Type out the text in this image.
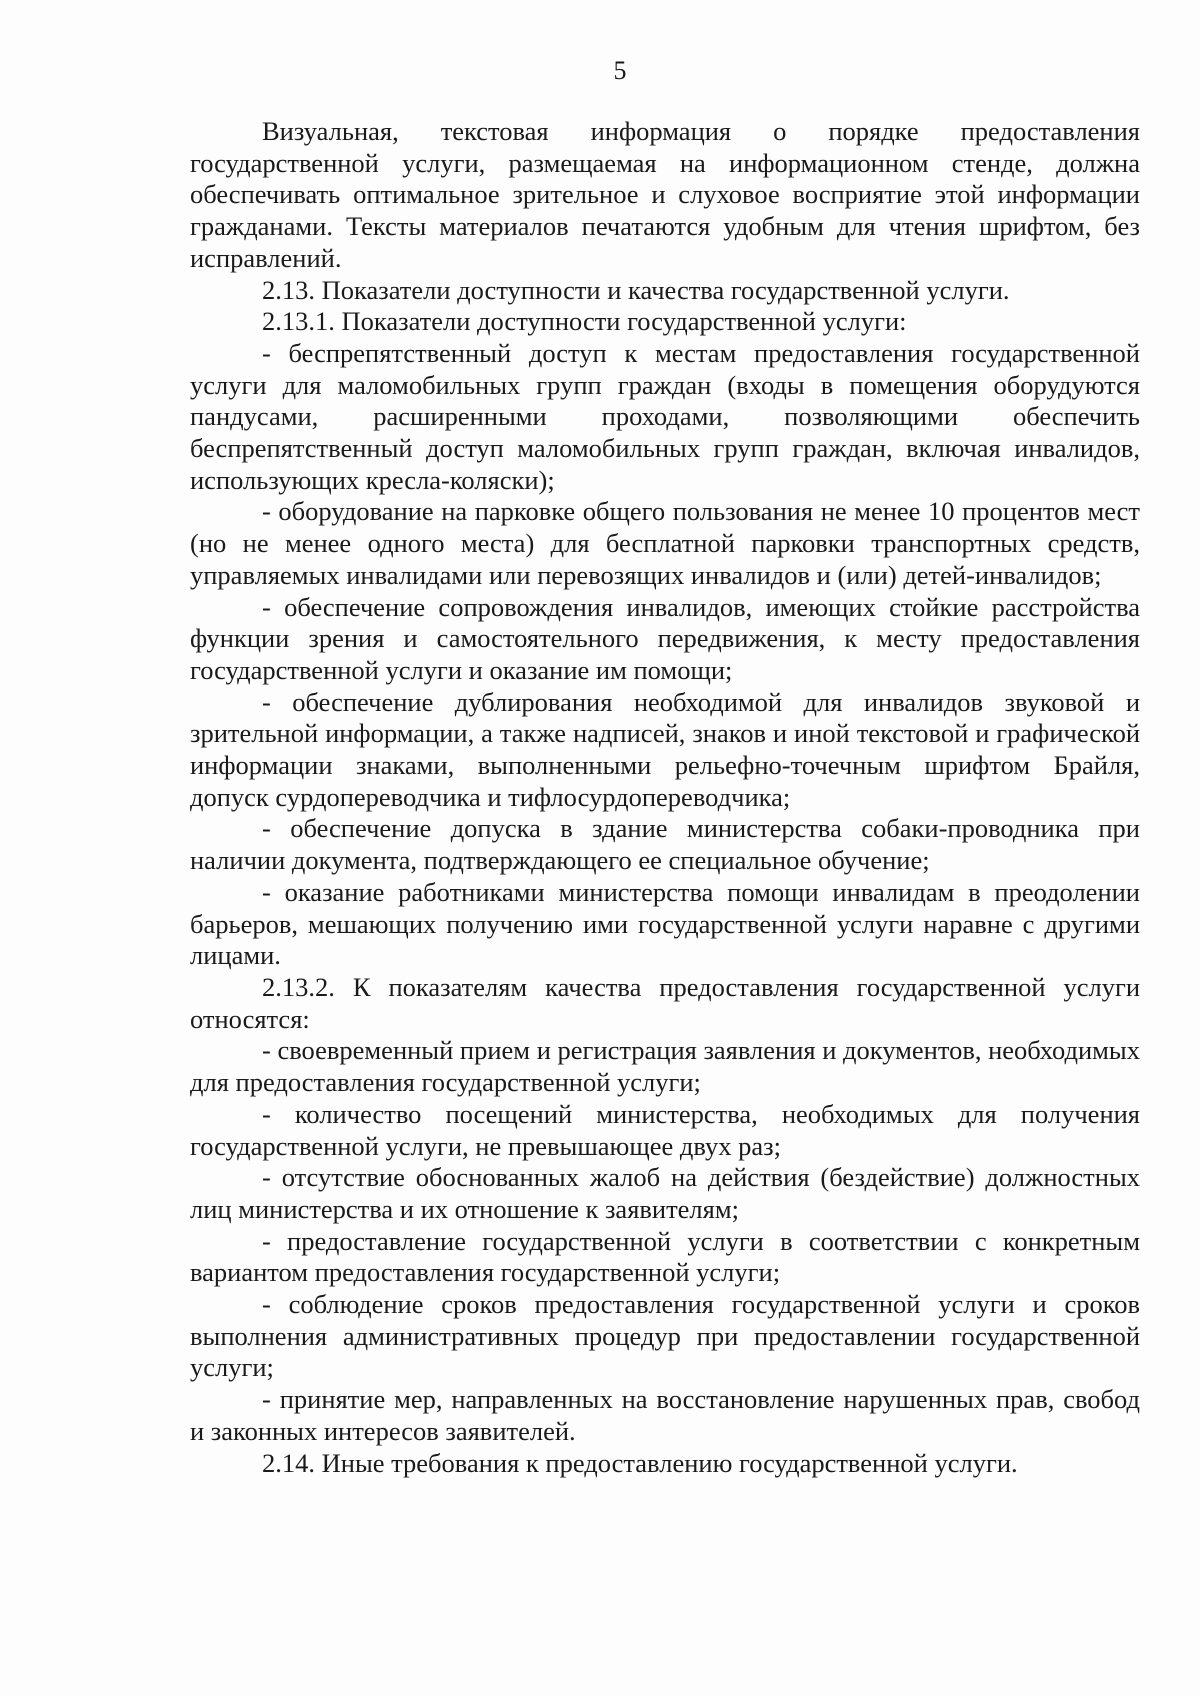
5

Визуальная, текстовая информация о порядке предоставления государственной услуги, размещаемая на информационном стенде, должна обеспечивать оптимальное зрительное и слуховое восприятие этой информации гражданами. Тексты материалов печатаются удобным для чтения шрифтом, без исправлений.

2.13. Показатели доступности и качества государственной услуги.

2.13.1. Показатели доступности государственной услуги:

- беспрепятственный доступ к местам предоставления государственной услуги для маломобильных групп граждан (входы в помещения оборудуются пандусами, расширенными проходами, позволяющими обеспечить беспрепятственный доступ маломобильных групп граждан, включая инвалидов, использующих кресла-коляски);

- оборудование на парковке общего пользования не менее 10 процентов мест (но не менее одного места) для бесплатной парковки транспортных средств, управляемых инвалидами или перевозящих инвалидов и (или) детей-инвалидов;

- обеспечение сопровождения инвалидов, имеющих стойкие расстройства функции зрения и самостоятельного передвижения, к месту предоставления государственной услуги и оказание им помощи;

- обеспечение дублирования необходимой для инвалидов звуковой и зрительной информации, а также надписей, знаков и иной текстовой и графической информации знаками, выполненными рельефно-точечным шрифтом Брайля, допуск сурдопереводчика и тифлосурдопереводчика;

- обеспечение допуска в здание министерства собаки-проводника при наличии документа, подтверждающего ее специальное обучение;

- оказание работниками министерства помощи инвалидам в преодолении барьеров, мешающих получению ими государственной услуги наравне с другими лицами.

2.13.2. К показателям качества предоставления государственной услуги относятся:

- своевременный прием и регистрация заявления и документов, необходимых для предоставления государственной услуги;

- количество посещений министерства, необходимых для получения государственной услуги, не превышающее двух раз;

- отсутствие обоснованных жалоб на действия (бездействие) должностных лиц министерства и их отношение к заявителям;

- предоставление государственной услуги в соответствии с конкретным вариантом предоставления государственной услуги;

- соблюдение сроков предоставления государственной услуги и сроков выполнения административных процедур при предоставлении государственной услуги;

- принятие мер, направленных на восстановление нарушенных прав, свобод и законных интересов заявителей.

2.14. Иные требования к предоставлению государственной услуги.
